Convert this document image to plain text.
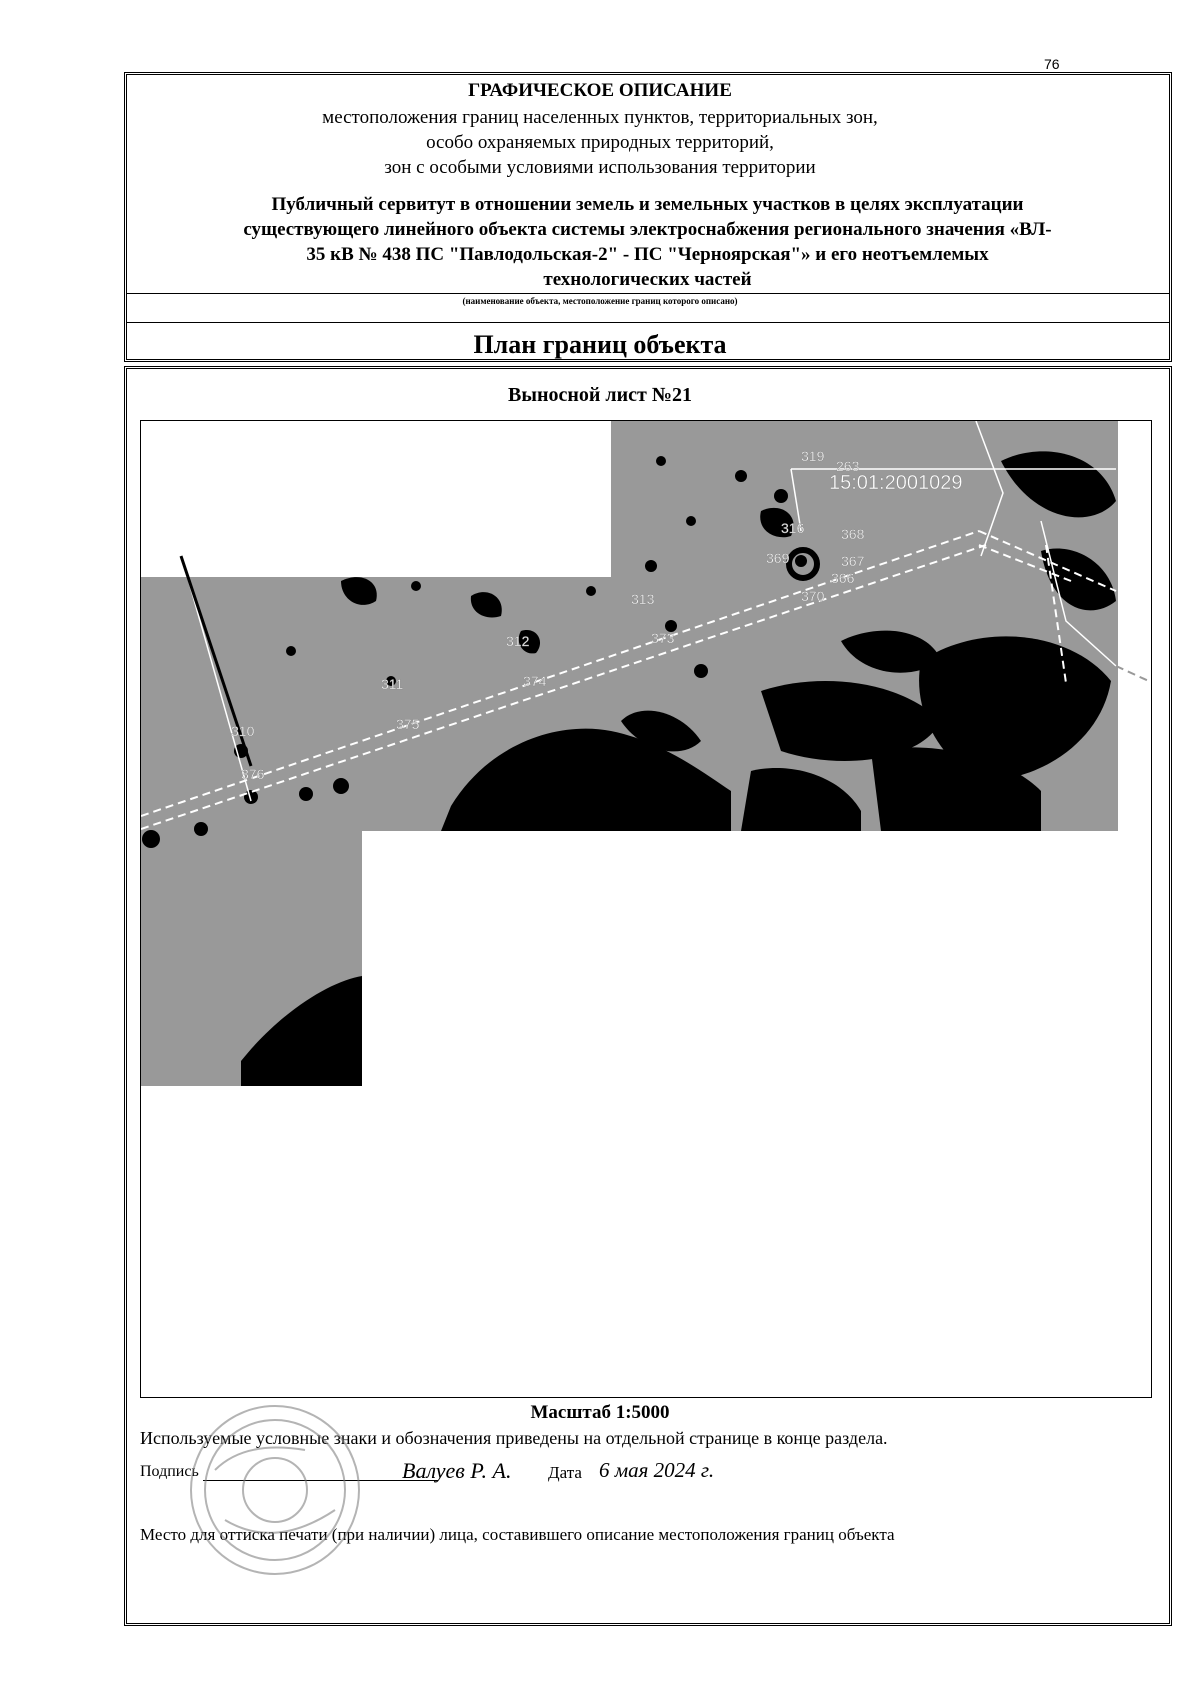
76
ГРАФИЧЕСКОЕ ОПИСАНИЕ
местоположения границ населенных пунктов, территориальных зон,
особо охраняемых природных территорий,
зон с особыми условиями использования территории
Публичный сервитут в отношении земель и земельных участков в целях эксплуатации
существующего линейного объекта системы электроснабжения регионального значения «ВЛ-
35 кВ № 438 ПС "Павлодольская-2" - ПС "Черноярская"» и его неотъемлемых
технологических частей
(наименование объекта, местоположение границ которого описано)
План границ объекта
Выносной лист №21
15:01:2001029
310
311
312
313
376
375
374
373
370
366
367
368
369
316
319
263
Масштаб 1:5000
Используемые условные знаки и обозначения приведены на отдельной странице в конце раздела.
Подпись	Валуев Р. А. Дата 6 мая 2024 г.
Место для оттиска печати (при наличии) лица, составившего описание местоположения границ объекта
